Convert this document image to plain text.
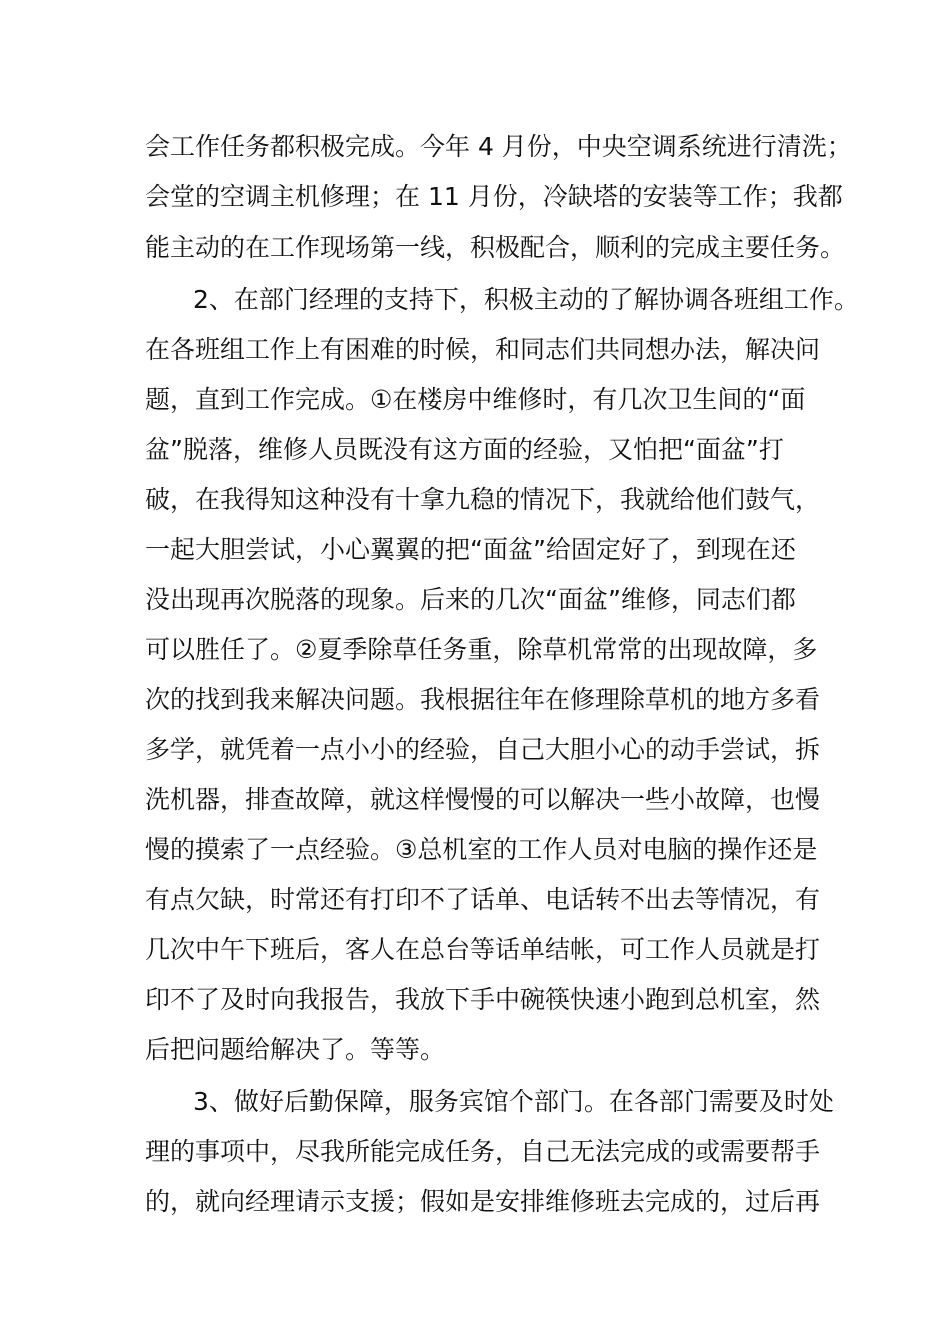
会工作任务都积极完成。今年 4 月份，中央空调系统进行清洗；
会堂的空调主机修理；在 11 月份，冷缺塔的安装等工作；我都
能主动的在工作现场第一线，积极配合，顺利的完成主要任务。
2、在部门经理的支持下，积极主动的了解协调各班组工作。
在各班组工作上有困难的时候，和同志们共同想办法，解决问
题，直到工作完成。①在楼房中维修时，有几次卫生间的“面
盆”脱落，维修人员既没有这方面的经验，又怕把“面盆”打
破，在我得知这种没有十拿九稳的情况下，我就给他们鼓气，
一起大胆尝试，小心翼翼的把“面盆”给固定好了，到现在还
没出现再次脱落的现象。后来的几次“面盆”维修，同志们都
可以胜任了。②夏季除草任务重，除草机常常的出现故障，多
次的找到我来解决问题。我根据往年在修理除草机的地方多看
多学，就凭着一点小小的经验，自己大胆小心的动手尝试，拆
洗机器，排查故障，就这样慢慢的可以解决一些小故障，也慢
慢的摸索了一点经验。③总机室的工作人员对电脑的操作还是
有点欠缺，时常还有打印不了话单、电话转不出去等情况，有
几次中午下班后，客人在总台等话单结帐，可工作人员就是打
印不了及时向我报告，我放下手中碗筷快速小跑到总机室，然
后把问题给解决了。等等。
3、做好后勤保障，服务宾馆个部门。在各部门需要及时处
理的事项中，尽我所能完成任务，自己无法完成的或需要帮手
的，就向经理请示支援；假如是安排维修班去完成的，过后再
